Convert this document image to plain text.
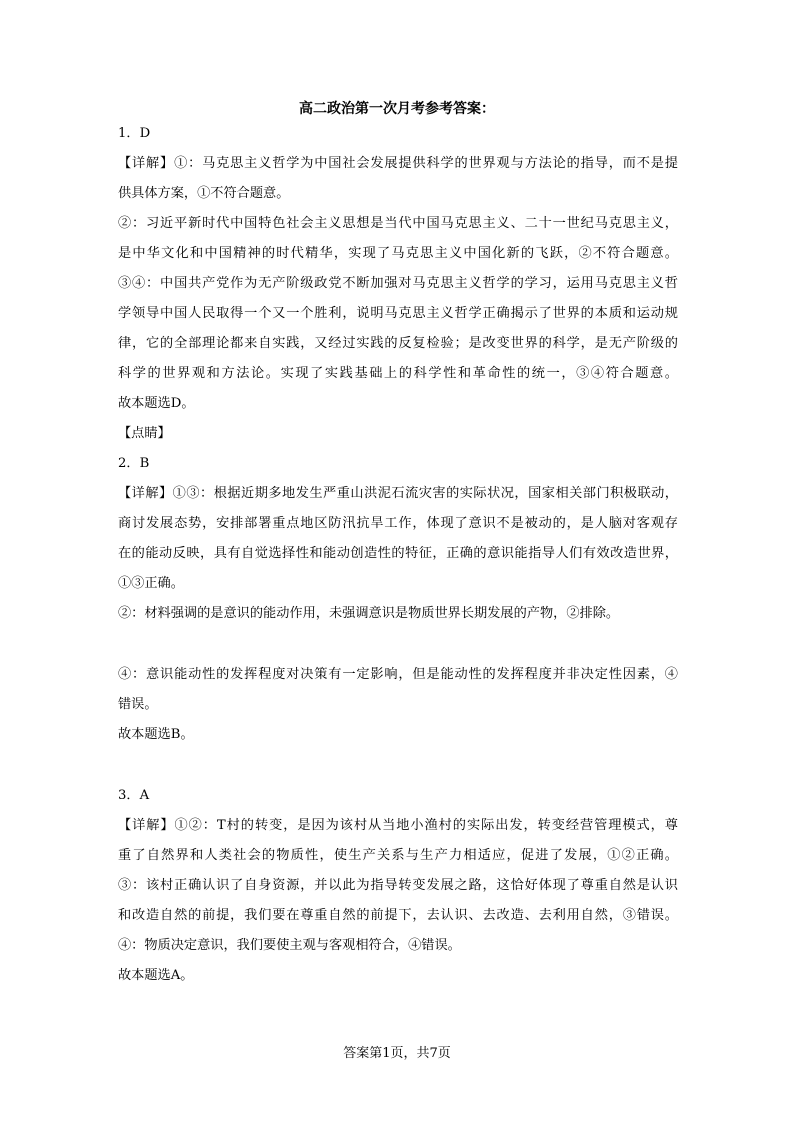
高二政治第一次月考参考答案：
1．D
【详解】①：马克思主义哲学为中国社会发展提供科学的世界观与方法论的指导，而不是提
供具体方案，①不符合题意。
②：习近平新时代中国特色社会主义思想是当代中国马克思主义、二十一世纪马克思主义，
是中华文化和中国精神的时代精华，实现了马克思主义中国化新的飞跃，②不符合题意。
③④：中国共产党作为无产阶级政党不断加强对马克思主义哲学的学习，运用马克思主义哲
学领导中国人民取得一个又一个胜利，说明马克思主义哲学正确揭示了世界的本质和运动规
律，它的全部理论都来自实践，又经过实践的反复检验；是改变世界的科学，是无产阶级的
科学的世界观和方法论。实现了实践基础上的科学性和革命性的统一，③④符合题意。
故本题选D。
【点睛】
2．B
【详解】①③：根据近期多地发生严重山洪泥石流灾害的实际状况，国家相关部门积极联动，
商讨发展态势，安排部署重点地区防汛抗旱工作，体现了意识不是被动的，是人脑对客观存
在的能动反映，具有自觉选择性和能动创造性的特征，正确的意识能指导人们有效改造世界，
①③正确。
②：材料强调的是意识的能动作用，未强调意识是物质世界长期发展的产物，②排除。
④：意识能动性的发挥程度对决策有一定影响，但是能动性的发挥程度并非决定性因素，④
错误。
故本题选B。
3．A
【详解】①②：T村的转变，是因为该村从当地小渔村的实际出发，转变经营管理模式，尊
重了自然界和人类社会的物质性，使生产关系与生产力相适应，促进了发展，①②正确。
③：该村正确认识了自身资源，并以此为指导转变发展之路，这恰好体现了尊重自然是认识
和改造自然的前提，我们要在尊重自然的前提下，去认识、去改造、去利用自然，③错误。
④：物质决定意识，我们要使主观与客观相符合，④错误。
故本题选A。
答案第1页，共7页
